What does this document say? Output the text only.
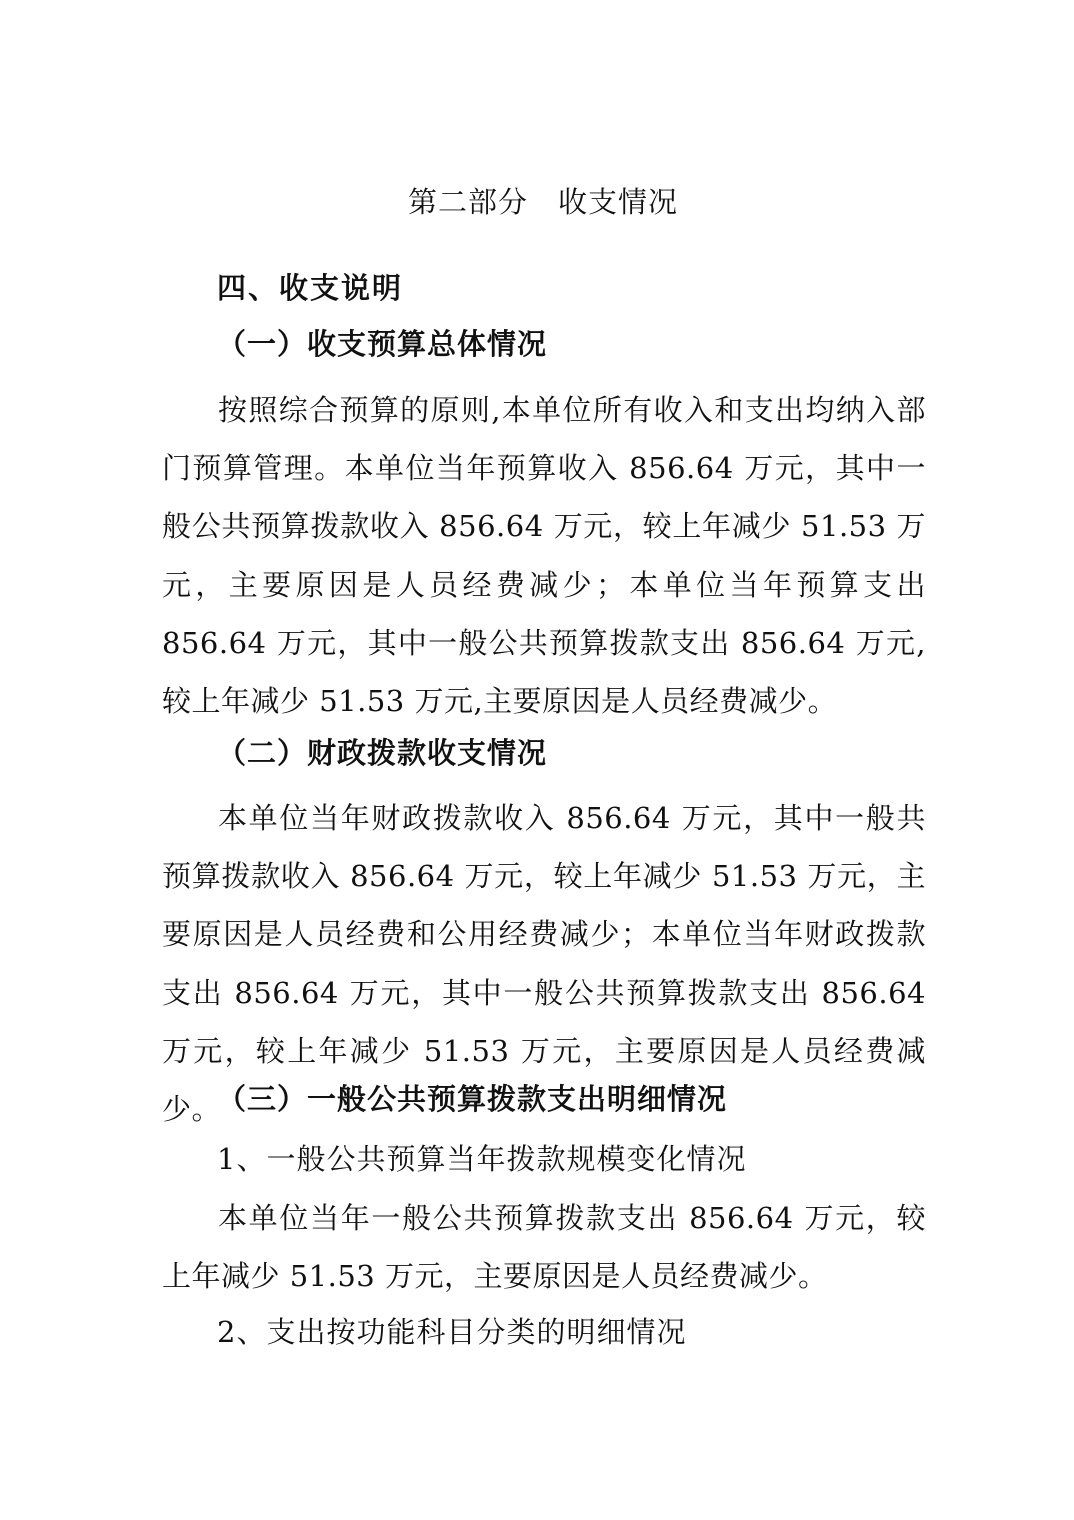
第二部分　收支情况
四、收支说明
（一）收支预算总体情况
按照综合预算的原则,本单位所有收入和支出均纳入部门预算管理。本单位当年预算收入 856.64 万元，其中一般公共预算拨款收入 856.64 万元，较上年减少 51.53 万元，主要原因是人员经费减少；本单位当年预算支出 856.64 万元，其中一般公共预算拨款支出 856.64 万元,较上年减少 51.53 万元,主要原因是人员经费减少。
（二）财政拨款收支情况
本单位当年财政拨款收入 856.64 万元，其中一般共预算拨款收入 856.64 万元，较上年减少 51.53 万元，主要原因是人员经费和公用经费减少；本单位当年财政拨款支出 856.64 万元，其中一般公共预算拨款支出 856.64 万元，较上年减少 51.53 万元，主要原因是人员经费减少。
（三）一般公共预算拨款支出明细情况
1、一般公共预算当年拨款规模变化情况
本单位当年一般公共预算拨款支出 856.64 万元，较上年减少 51.53 万元，主要原因是人员经费减少。
2、支出按功能科目分类的明细情况
